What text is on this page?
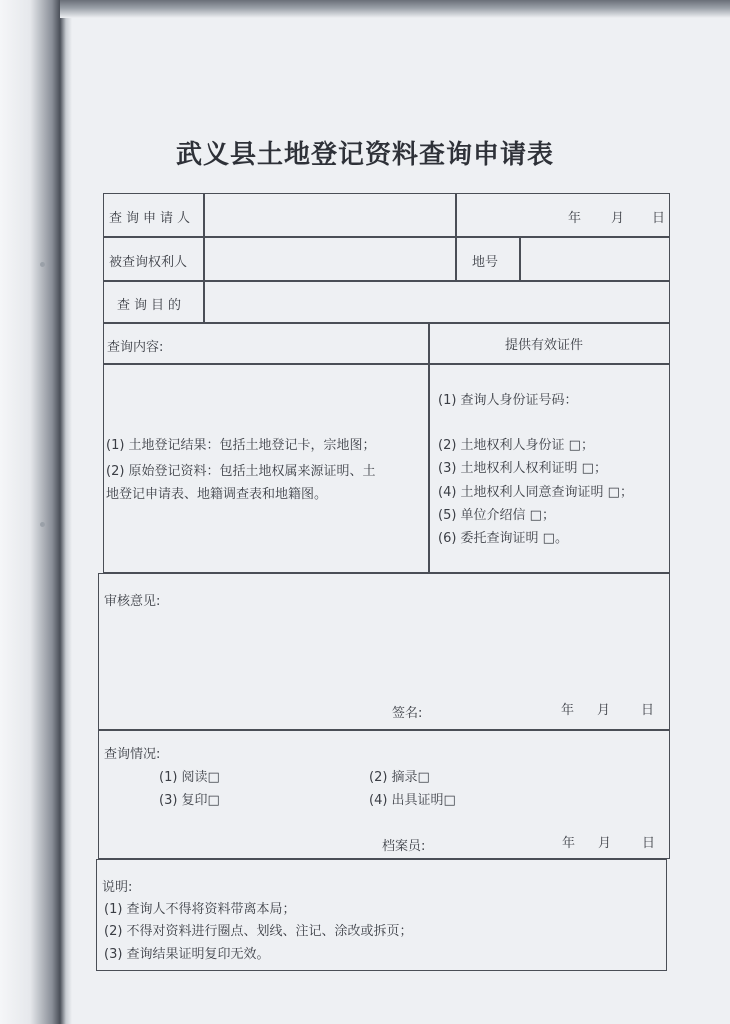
武义县土地登记资料查询申请表
查询申请人	年 月 日
被查询权利人	地号
查询目的
查询内容:	提供有效证件
(1) 土地登记结果：包括土地登记卡，宗地图；
(2) 原始登记资料：包括土地权属来源证明、土
地登记申请表、地籍调查表和地籍图。
(1) 查询人身份证号码：
(2) 土地权利人身份证 □；
(3) 土地权利人权利证明 □；
(4) 土地权利人同意查询证明 □；
(5) 单位介绍信 □；
(6) 委托查询证明 □。
审核意见:
签名:	年 月 日
查询情况:
(1) 阅读□	(2) 摘录□
(3) 复印□	(4) 出具证明□
档案员:	年 月 日
说明:
(1) 查询人不得将资料带离本局；
(2) 不得对资料进行圈点、划线、注记、涂改或拆页；
(3) 查询结果证明复印无效。
